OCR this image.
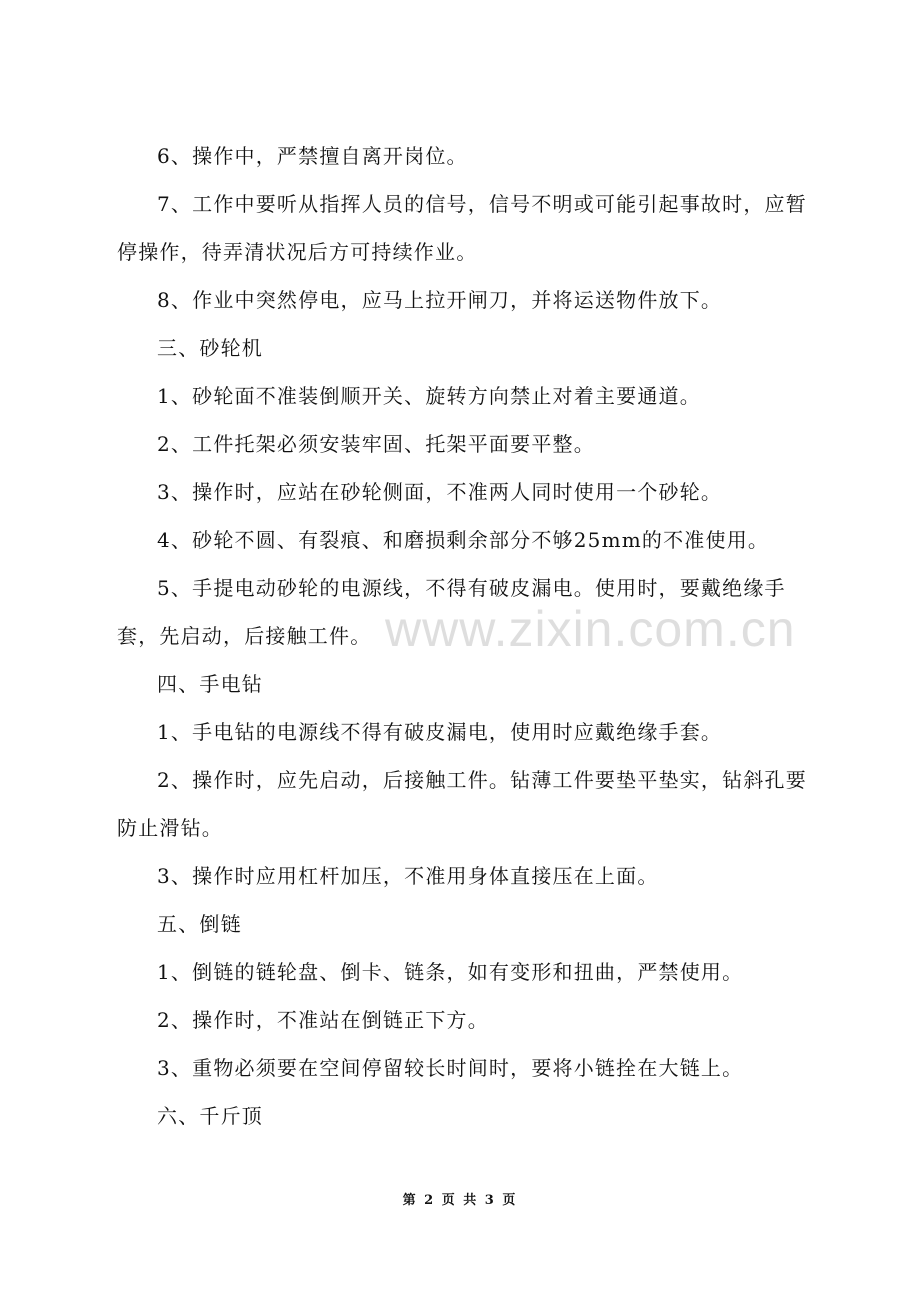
6、操作中，严禁擅自离开岗位。

7、工作中要听从指挥人员的信号，信号不明或可能引起事故时，应暂停操作，待弄清状况后方可持续作业。

8、作业中突然停电，应马上拉开闸刀，并将运送物件放下。

三、砂轮机

1、砂轮面不准装倒顺开关、旋转方向禁止对着主要通道。

2、工件托架必须安装牢固、托架平面要平整。

3、操作时，应站在砂轮侧面，不准两人同时使用一个砂轮。

4、砂轮不圆、有裂痕、和磨损剩余部分不够25mm的不准使用。

5、手提电动砂轮的电源线，不得有破皮漏电。使用时，要戴绝缘手套，先启动，后接触工件。

四、手电钻

1、手电钻的电源线不得有破皮漏电，使用时应戴绝缘手套。

2、操作时，应先启动，后接触工件。钻薄工件要垫平垫实，钻斜孔要防止滑钻。

3、操作时应用杠杆加压，不准用身体直接压在上面。

五、倒链

1、倒链的链轮盘、倒卡、链条，如有变形和扭曲，严禁使用。

2、操作时，不准站在倒链正下方。

3、重物必须要在空间停留较长时间时，要将小链拴在大链上。

六、千斤顶

www.zixin.com.cn
第 2 页 共 3 页
